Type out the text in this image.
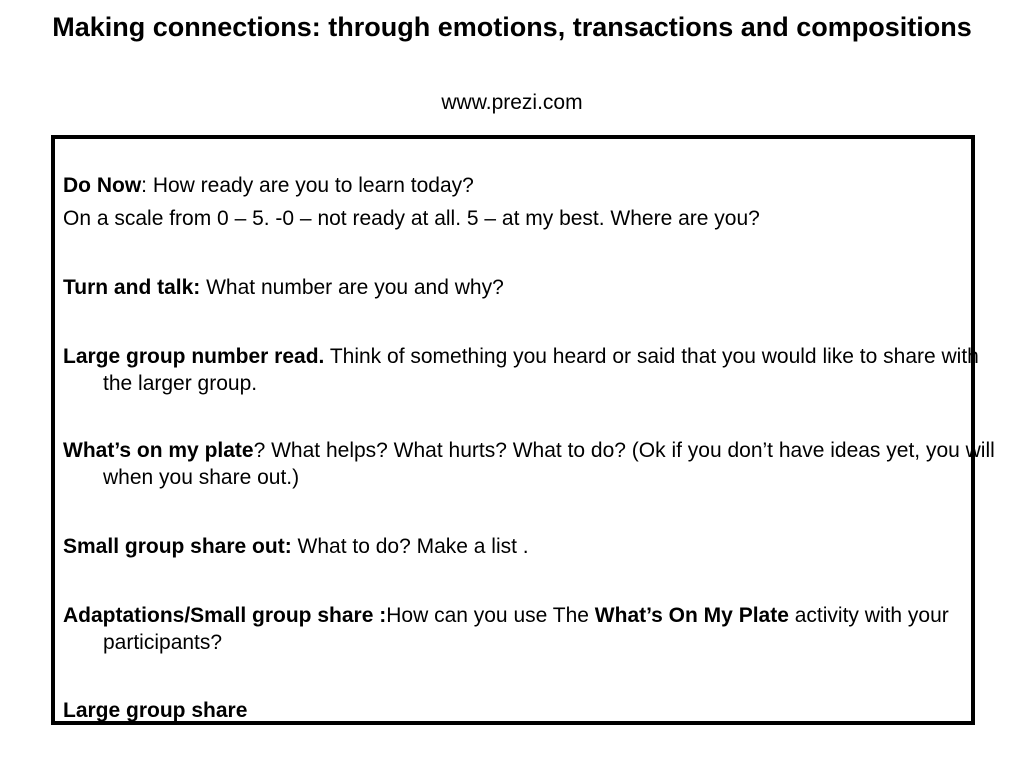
Making connections: through emotions, transactions and compositions
www.prezi.com
Do Now: How ready are you to learn today?
On a scale from 0 – 5. -0 – not ready at all. 5 – at my best. Where are you?
Turn and talk: What number are you and why?
Large group number read. Think of something you heard or said that you would like to share with the larger group.
What’s on my plate? What helps? What hurts? What to do? (Ok if you don’t have ideas yet, you will when you share out.)
Small group share out: What to do? Make a list .
Adaptations/Small group share :How can you use The What’s On My Plate activity with your participants?
Large group share
